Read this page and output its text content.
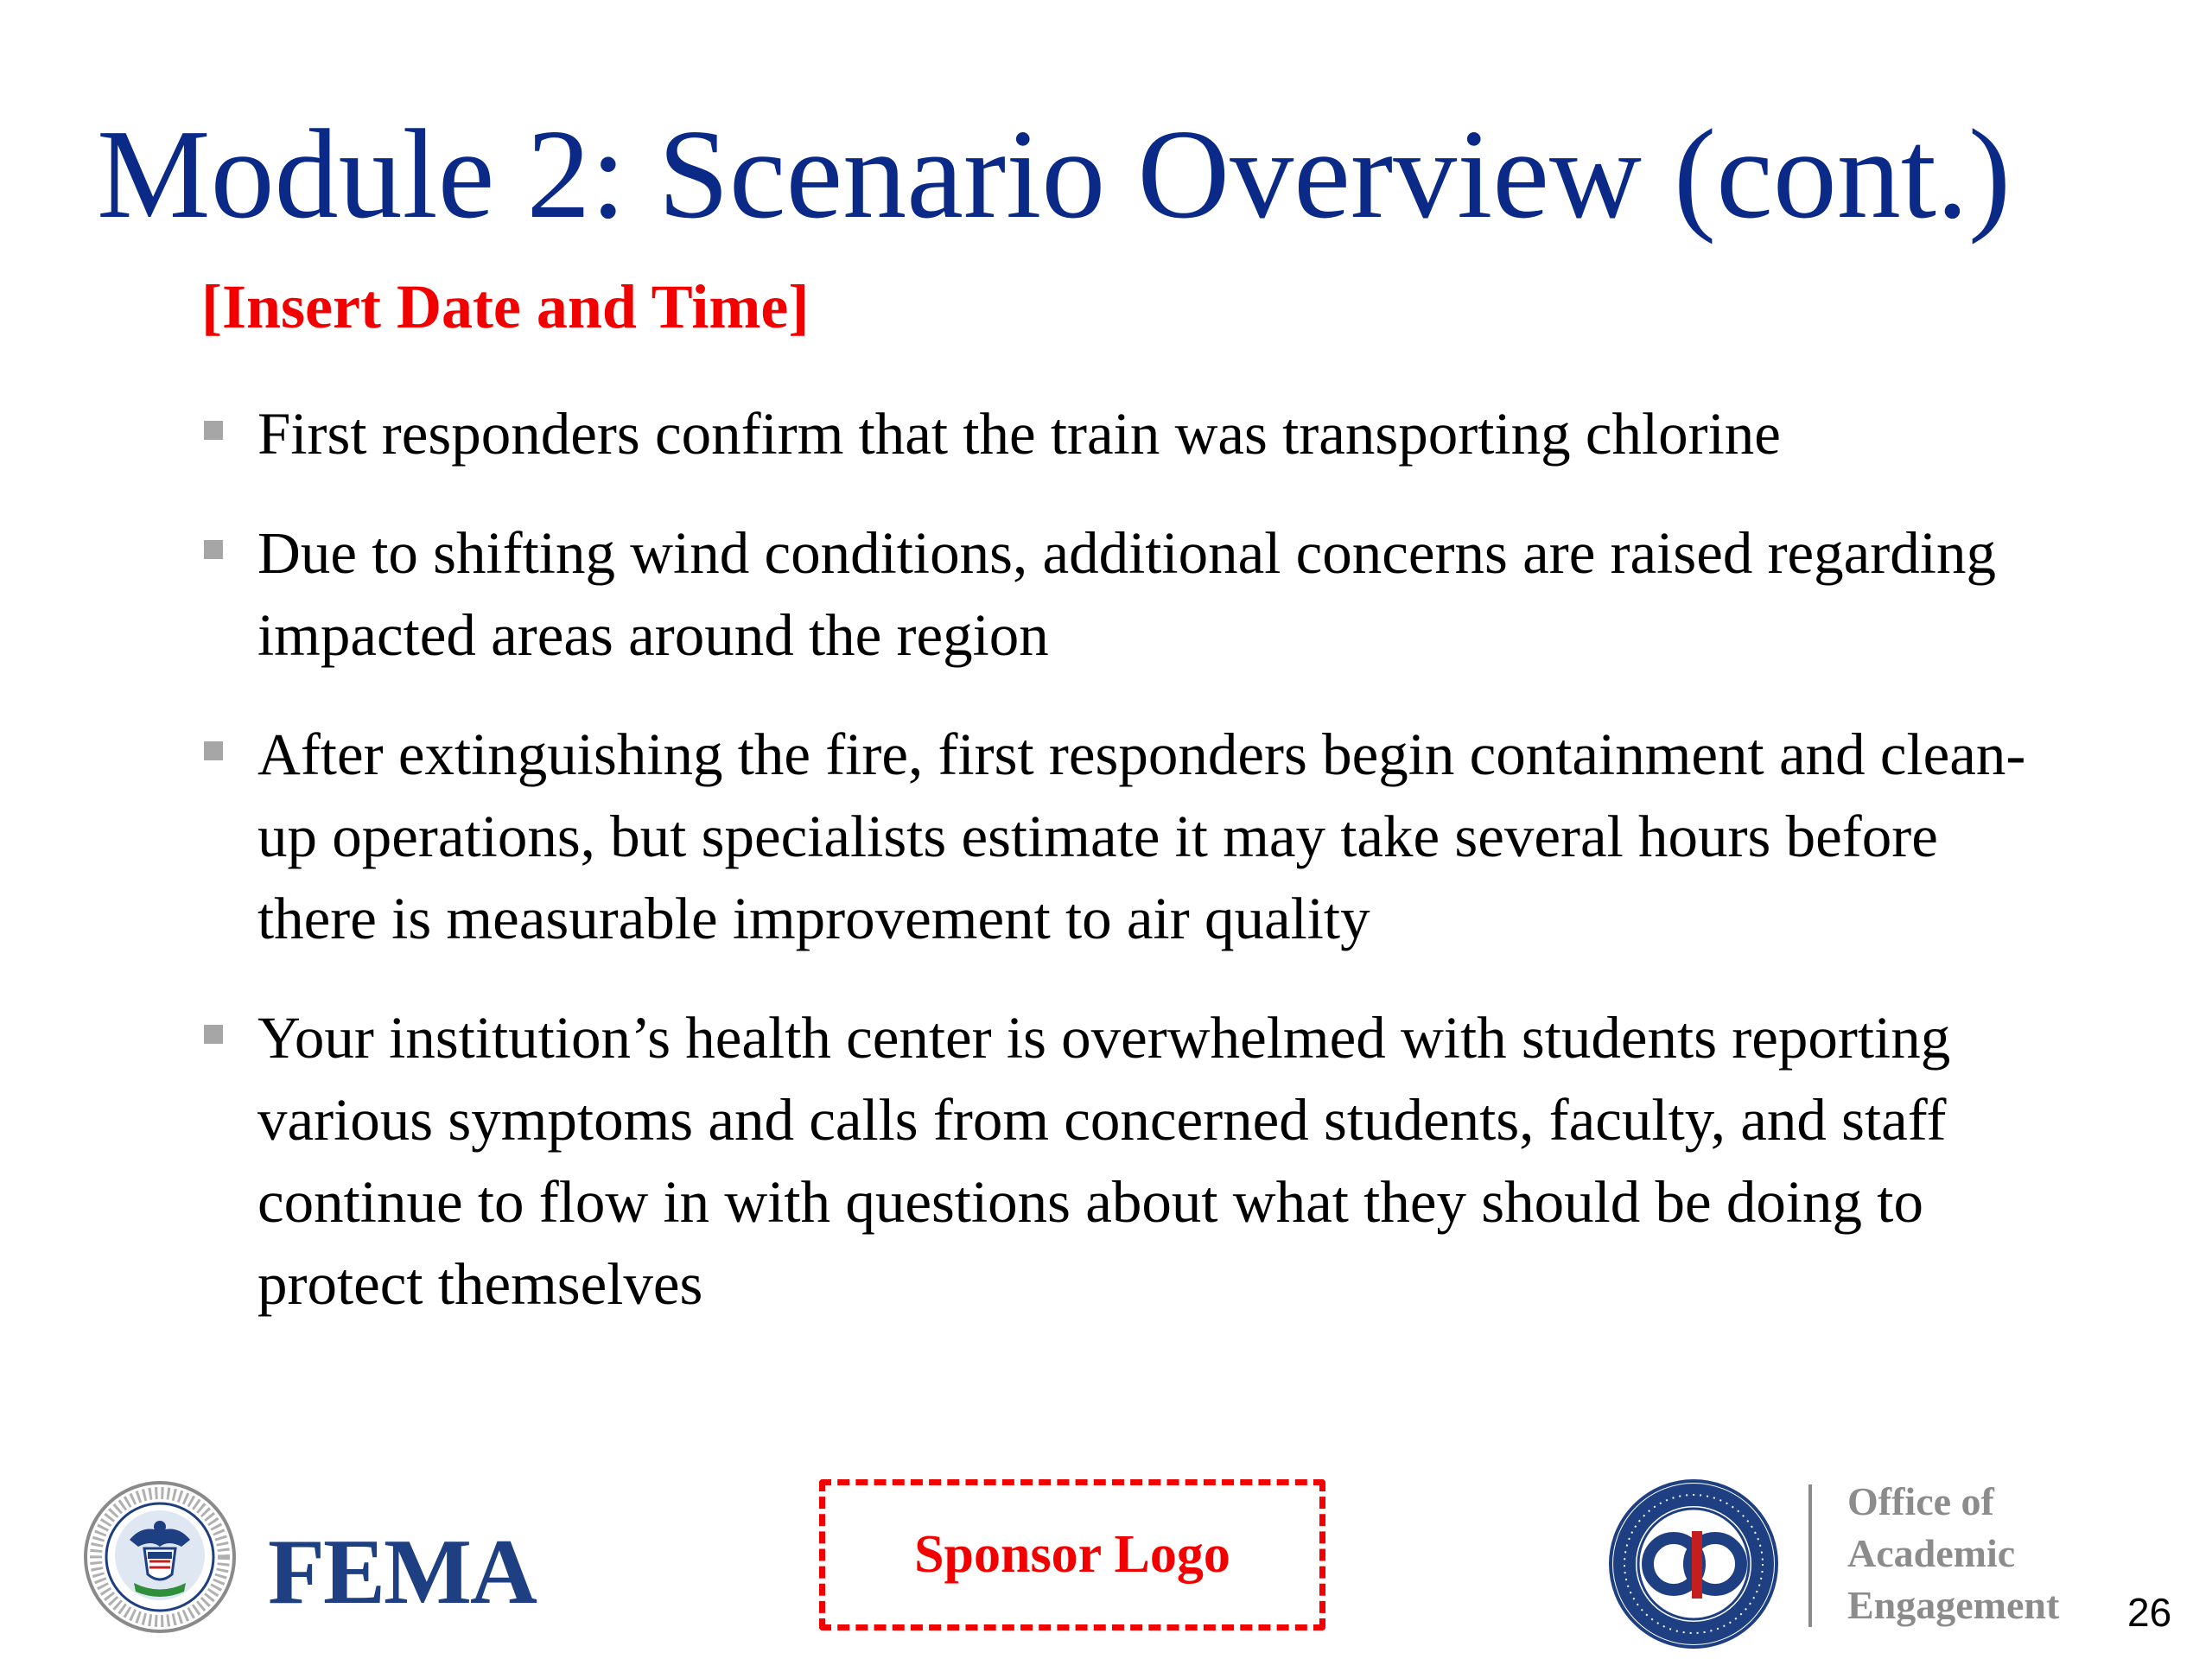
Module 2: Scenario Overview (cont.)
[Insert Date and Time]
First responders confirm that the train was transporting chlorine
Due to shifting wind conditions, additional concerns are raised regarding impacted areas around the region
After extinguishing the fire, first responders begin containment and clean-up operations, but specialists estimate it may take several hours before there is measurable improvement to air quality
Your institution’s health center is overwhelmed with students reporting various symptoms and calls from concerned students, faculty, and staff continue to flow in with questions about what they should be doing to protect themselves
FEMA	Sponsor Logo
Office of
Academic
Engagement 26
